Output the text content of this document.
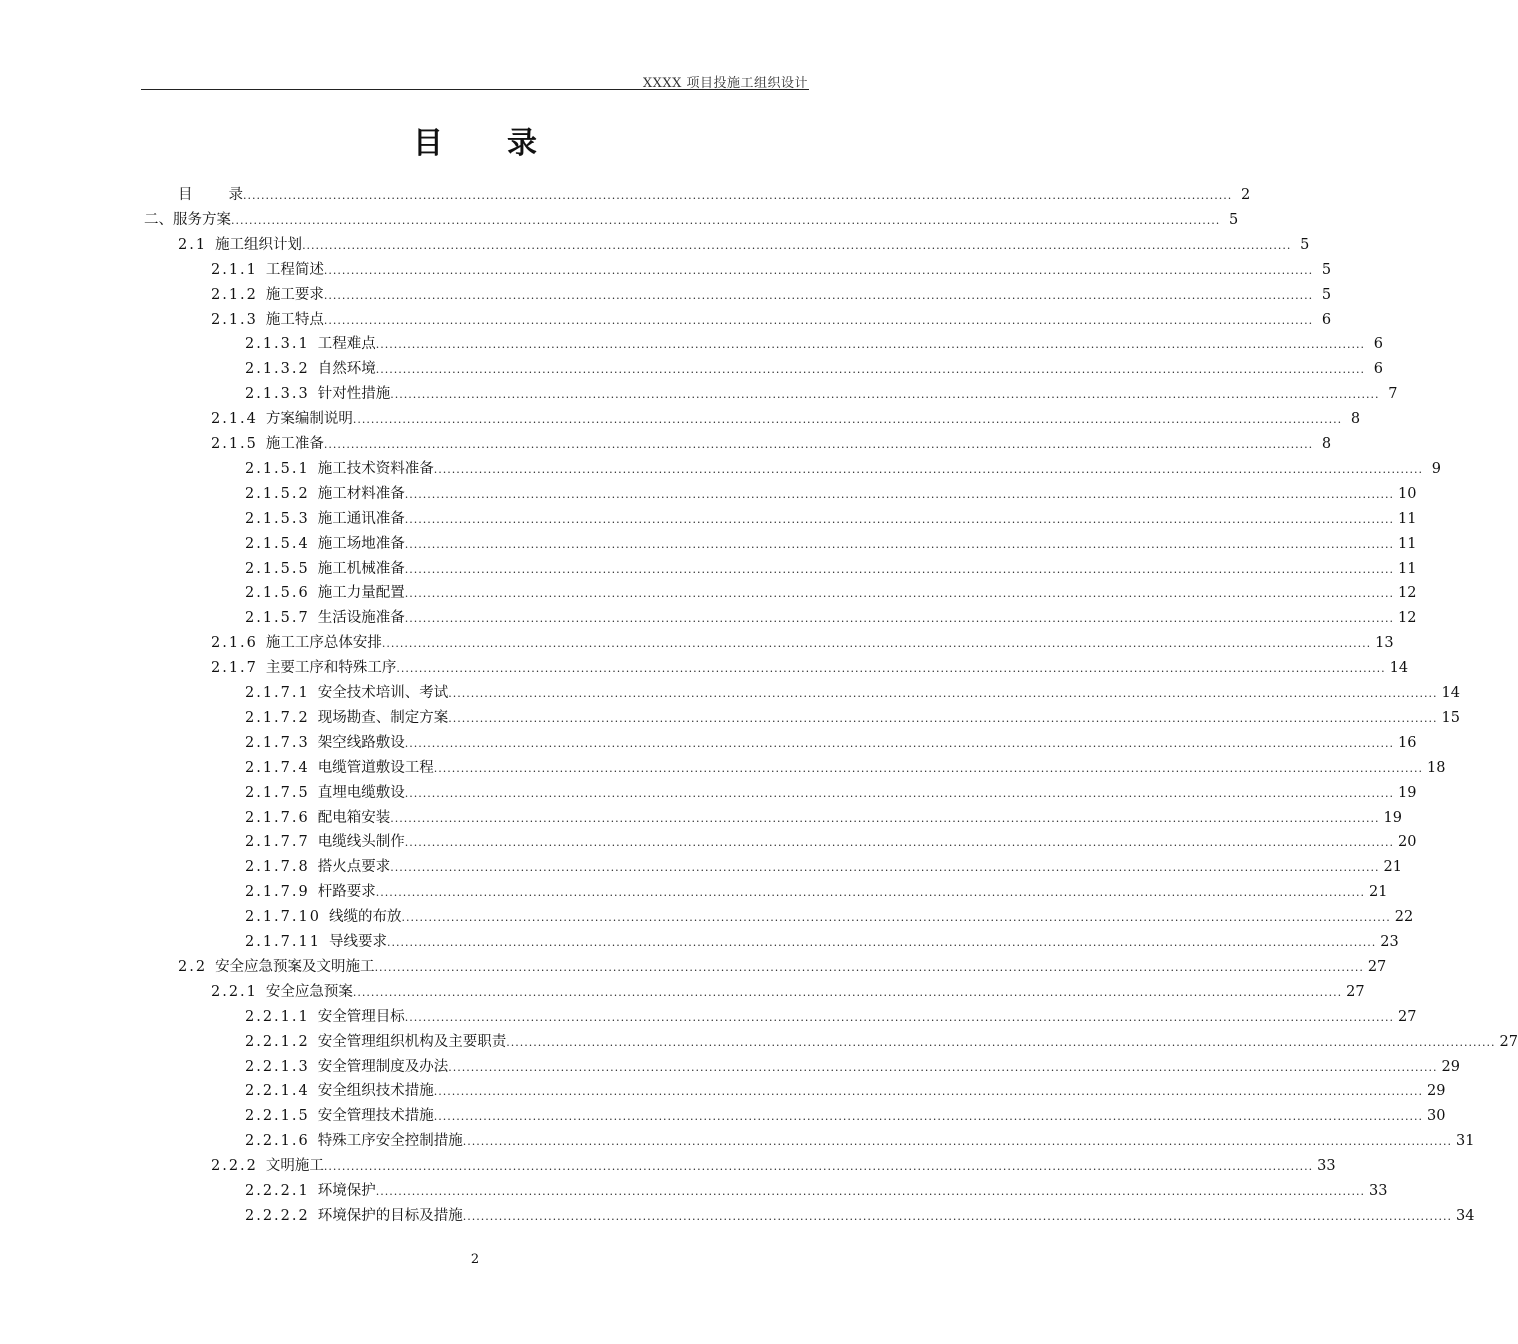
XXXX 项目投施工组织设计
目录
目 录 ............................................................................................................................................................................................................................ 2
二、服务方案 ............................................................................................................................................................................................................................ 5
2.1 施工组织计划 ............................................................................................................................................................................................................................ 5
2.1.1 工程简述 ............................................................................................................................................................................................................................ 5
2.1.2 施工要求 ............................................................................................................................................................................................................................ 5
2.1.3 施工特点 ............................................................................................................................................................................................................................ 6
2.1.3.1 工程难点 ............................................................................................................................................................................................................................ 6
2.1.3.2 自然环境 ............................................................................................................................................................................................................................ 6
2.1.3.3 针对性措施 ............................................................................................................................................................................................................................ 7
2.1.4 方案编制说明 ............................................................................................................................................................................................................................ 8
2.1.5 施工准备 ............................................................................................................................................................................................................................ 8
2.1.5.1 施工技术资料准备 ............................................................................................................................................................................................................................ 9
2.1.5.2 施工材料准备 ............................................................................................................................................................................................................................ 10
2.1.5.3 施工通讯准备 ............................................................................................................................................................................................................................ 11
2.1.5.4 施工场地准备 ............................................................................................................................................................................................................................ 11
2.1.5.5 施工机械准备 ............................................................................................................................................................................................................................ 11
2.1.5.6 施工力量配置 ............................................................................................................................................................................................................................ 12
2.1.5.7 生活设施准备 ............................................................................................................................................................................................................................ 12
2.1.6 施工工序总体安排 ............................................................................................................................................................................................................................ 13
2.1.7 主要工序和特殊工序 ............................................................................................................................................................................................................................ 14
2.1.7.1 安全技术培训、考试 ............................................................................................................................................................................................................................ 14
2.1.7.2 现场勘查、制定方案 ............................................................................................................................................................................................................................ 15
2.1.7.3 架空线路敷设 ............................................................................................................................................................................................................................ 16
2.1.7.4 电缆管道敷设工程 ............................................................................................................................................................................................................................ 18
2.1.7.5 直埋电缆敷设 ............................................................................................................................................................................................................................ 19
2.1.7.6 配电箱安装 ............................................................................................................................................................................................................................ 19
2.1.7.7 电缆线头制作 ............................................................................................................................................................................................................................ 20
2.1.7.8 搭火点要求 ............................................................................................................................................................................................................................ 21
2.1.7.9 杆路要求 ............................................................................................................................................................................................................................ 21
2.1.7.10 线缆的布放 ............................................................................................................................................................................................................................ 22
2.1.7.11 导线要求 ............................................................................................................................................................................................................................ 23
2.2 安全应急预案及文明施工 ............................................................................................................................................................................................................................ 27
2.2.1 安全应急预案 ............................................................................................................................................................................................................................ 27
2.2.1.1 安全管理目标 ............................................................................................................................................................................................................................ 27
2.2.1.2 安全管理组织机构及主要职责 ............................................................................................................................................................................................................................ 27
2.2.1.3 安全管理制度及办法 ............................................................................................................................................................................................................................ 29
2.2.1.4 安全组织技术措施 ............................................................................................................................................................................................................................ 29
2.2.1.5 安全管理技术措施 ............................................................................................................................................................................................................................ 30
2.2.1.6 特殊工序安全控制措施 ............................................................................................................................................................................................................................ 31
2.2.2 文明施工 ............................................................................................................................................................................................................................ 33
2.2.2.1 环境保护 ............................................................................................................................................................................................................................ 33
2.2.2.2 环境保护的目标及措施 ............................................................................................................................................................................................................................ 34
2
